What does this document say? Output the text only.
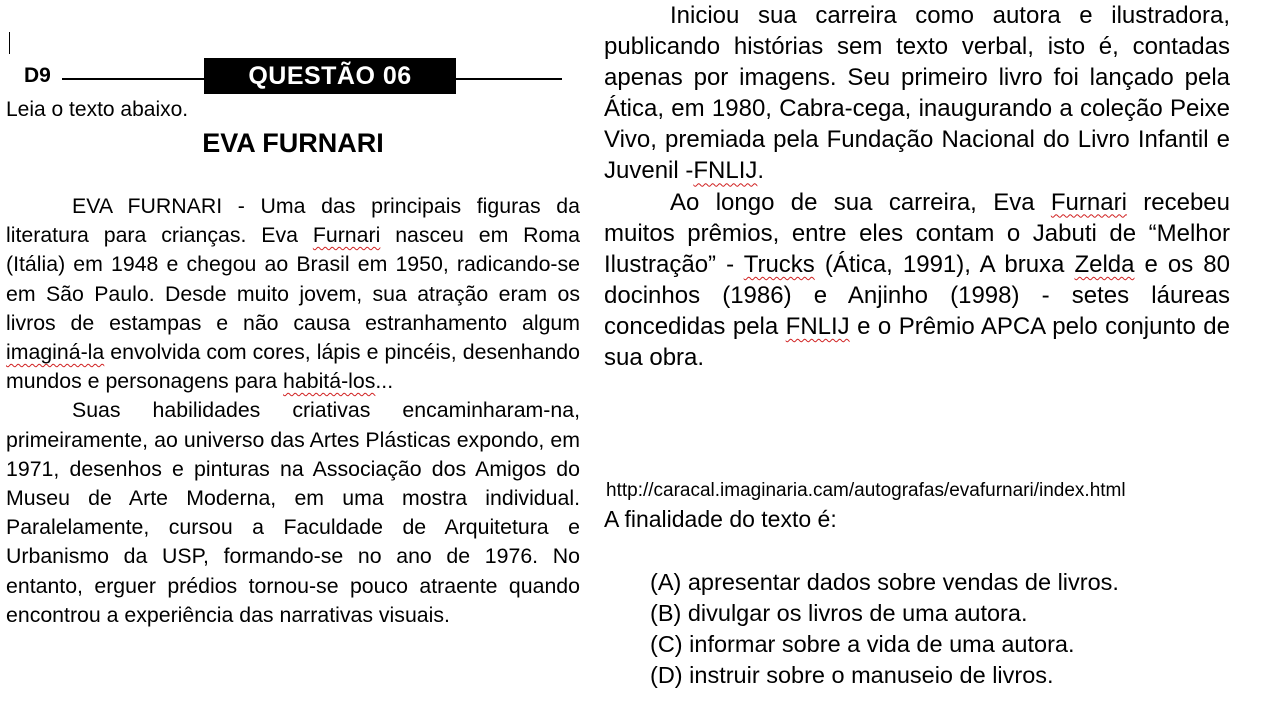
D9	QUESTÃO 06
Leia o texto abaixo.
EVA FURNARI

EVA FURNARI - Uma das principais figuras da literatura para crianças. Eva Furnari nasceu em Roma (Itália) em 1948 e chegou ao Brasil em 1950, radicando-se em São Paulo. Desde muito jovem, sua atração eram os livros de estampas e não causa estranhamento algum imaginá-la envolvida com cores, lápis e pincéis, desenhando mundos e personagens para habitá-los...

Suas habilidades criativas encaminharam-na, primeiramente, ao universo das Artes Plásticas expondo, em 1971, desenhos e pinturas na Associação dos Amigos do Museu de Arte Moderna, em uma mostra individual. Paralelamente, cursou a Faculdade de Arquitetura e Urbanismo da USP, formando-se no ano de 1976. No entanto, erguer prédios tornou-se pouco atraente quando encontrou a experiência das narrativas visuais.

Iniciou sua carreira como autora e ilustradora, publicando histórias sem texto verbal, isto é, contadas apenas por imagens. Seu primeiro livro foi lançado pela Ática, em 1980, Cabra-cega, inaugurando a coleção Peixe Vivo, premiada pela Fundação Nacional do Livro Infantil e Juvenil -FNLIJ.

Ao longo de sua carreira, Eva Furnari recebeu muitos prêmios, entre eles contam o Jabuti de “Melhor Ilustração” - Trucks (Ática, 1991), A bruxa Zelda e os 80 docinhos (1986) e Anjinho (1998) - setes láureas concedidas pela FNLIJ e o Prêmio APCA pelo conjunto de sua obra.

http://caracal.imaginaria.cam/autografas/evafurnari/index.html
A finalidade do texto é:
(A) apresentar dados sobre vendas de livros.
(B) divulgar os livros de uma autora.
(C) informar sobre a vida de uma autora.
(D) instruir sobre o manuseio de livros.
